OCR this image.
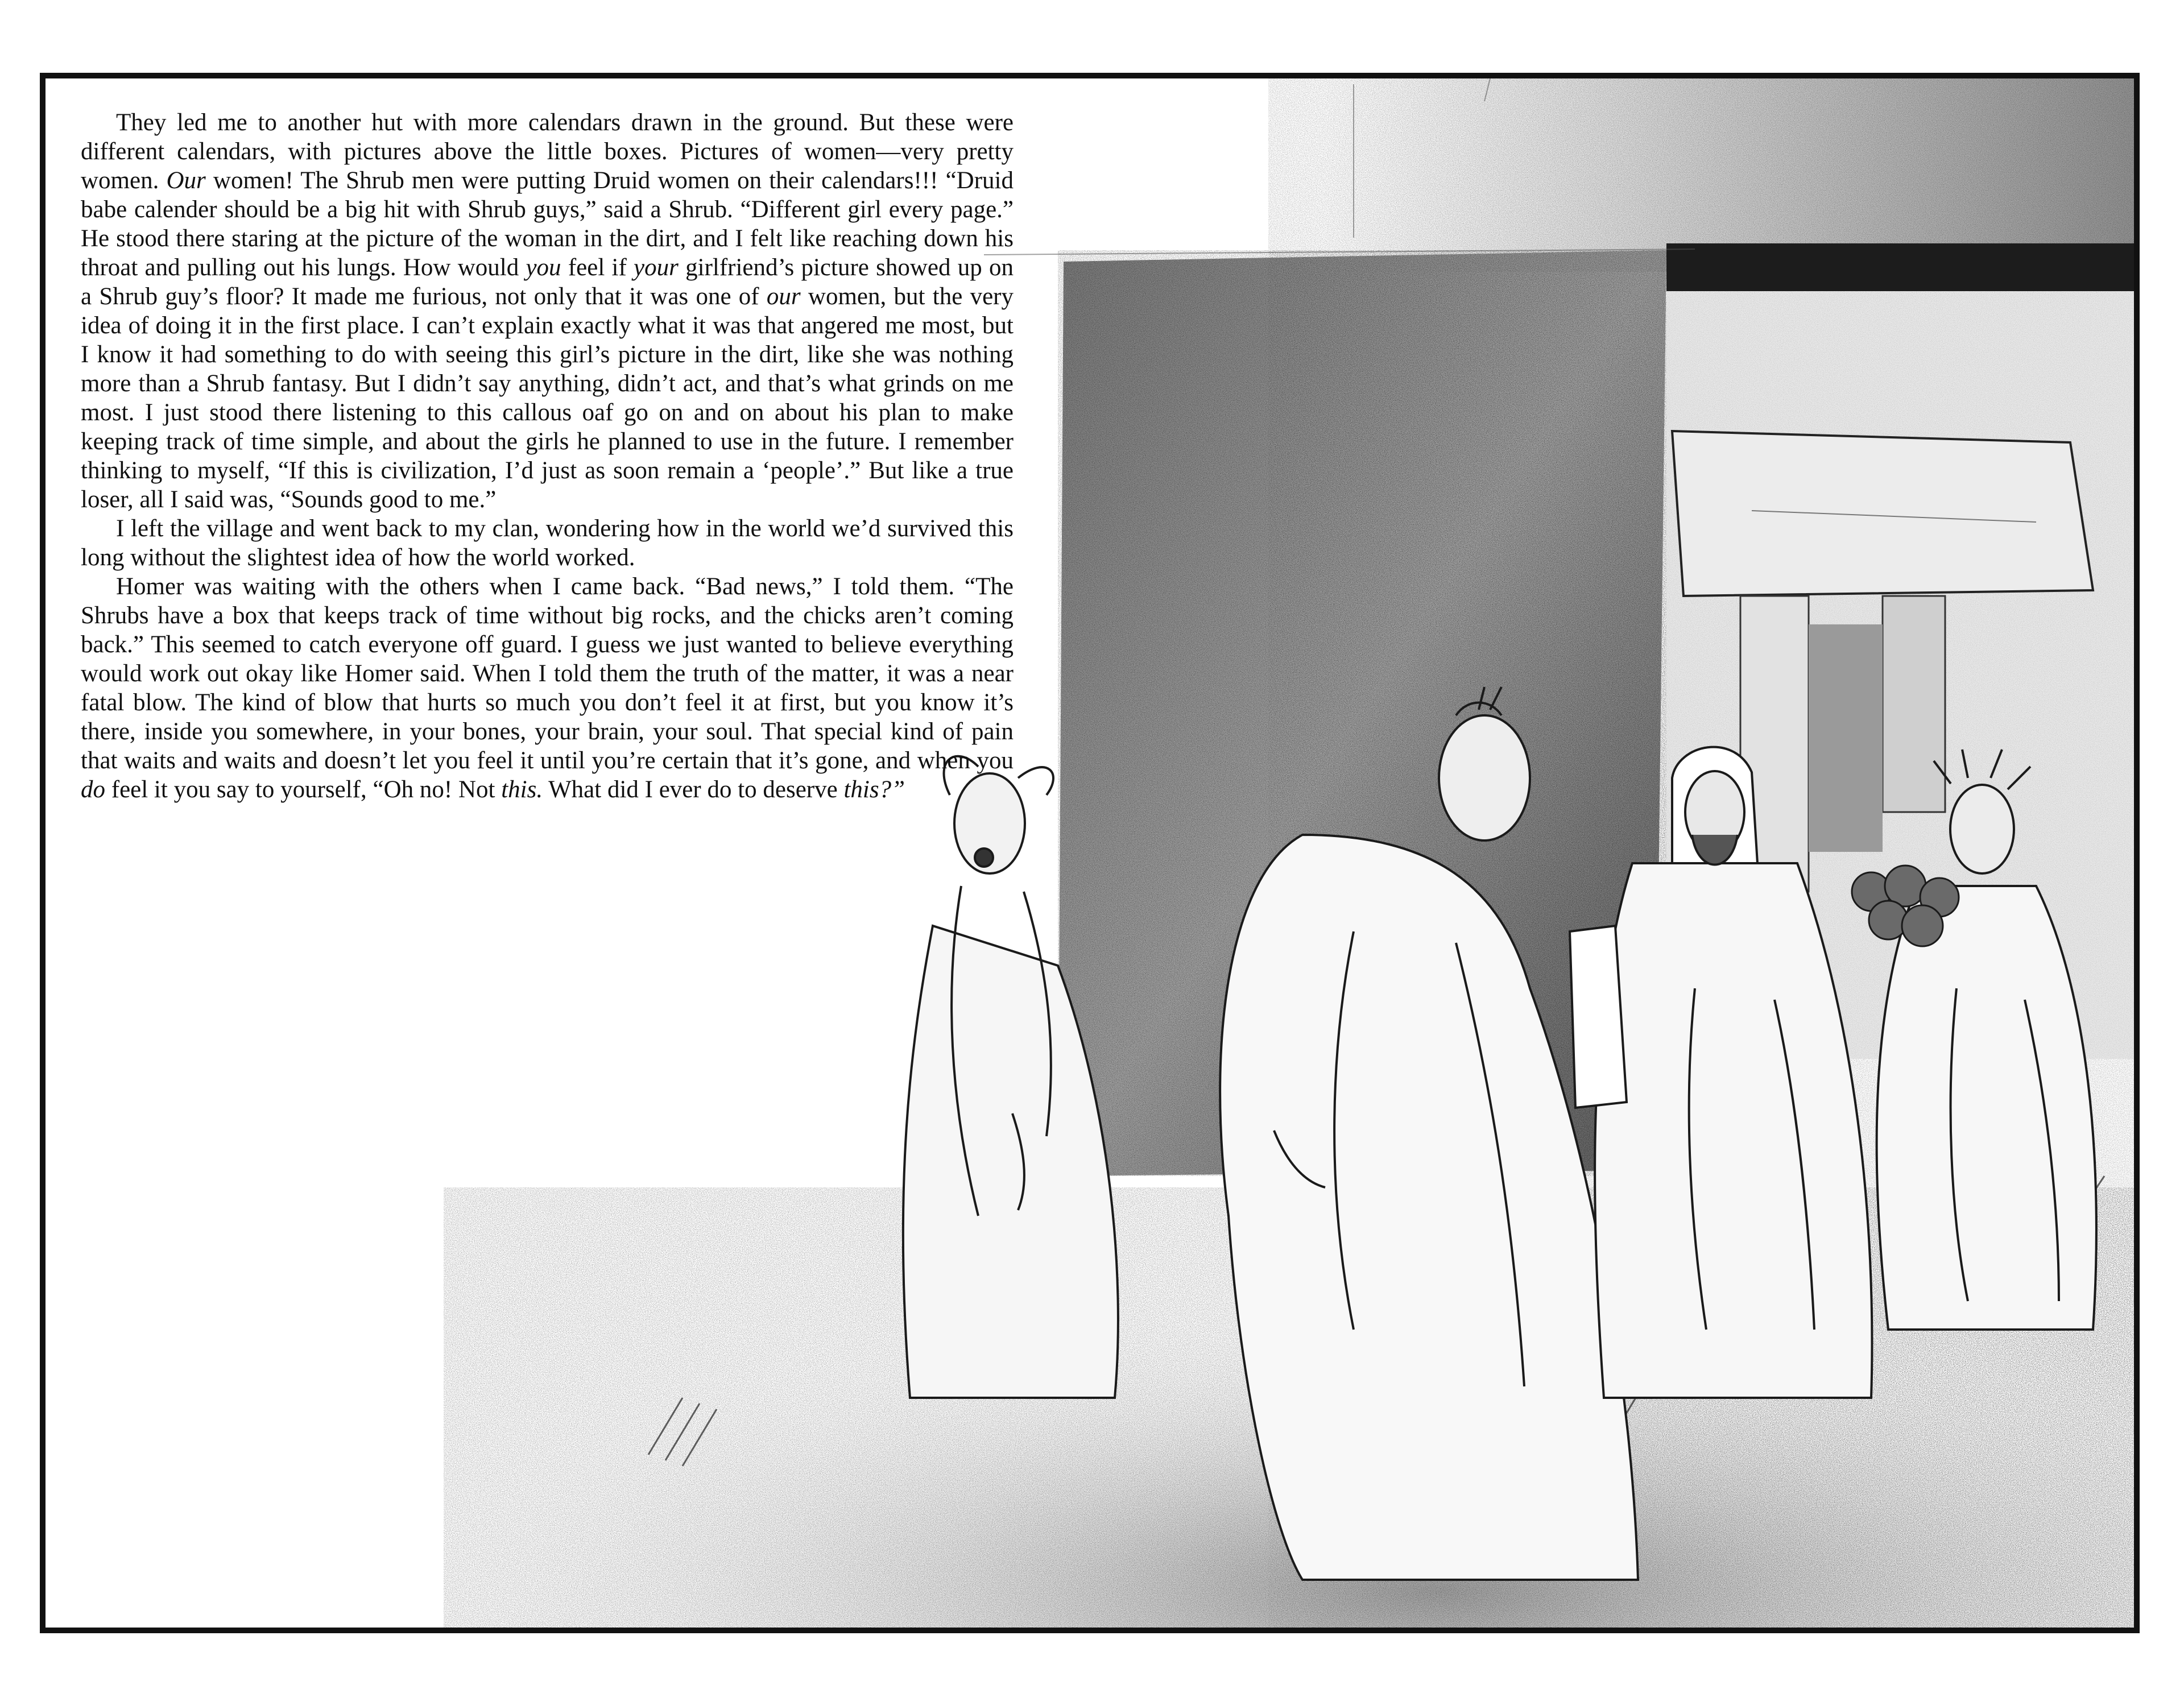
They led me to another hut with more calendars drawn in the ground. But these were different calendars, with pictures above the little boxes. Pictures of women—very pretty women. Our women! The Shrub men were putting Druid women on their calendars!!! “Druid babe calender should be a big hit with Shrub guys,” said a Shrub. “Different girl every page.” He stood there staring at the picture of the woman in the dirt, and I felt like reaching down his throat and pulling out his lungs. How would you feel if your girlfriend’s picture showed up on a Shrub guy’s floor? It made me furious, not only that it was one of our women, but the very idea of doing it in the first place. I can’t explain exactly what it was that angered me most, but I know it had something to do with seeing this girl’s picture in the dirt, like she was nothing more than a Shrub fantasy. But I didn’t say anything, didn’t act, and that’s what grinds on me most. I just stood there listening to this callous oaf go on and on about his plan to make keeping track of time simple, and about the girls he planned to use in the future. I remember thinking to myself, “If this is civilization, I’d just as soon remain a ‘people’.” But like a true loser, all I said was, “Sounds good to me.”

I left the village and went back to my clan, wondering how in the world we’d survived this long without the slightest idea of how the world worked.

Homer was waiting with the others when I came back. “Bad news,” I told them. “The Shrubs have a box that keeps track of time without big rocks, and the chicks aren’t coming back.” This seemed to catch everyone off guard. I guess we just wanted to believe everything would work out okay like Homer said. When I told them the truth of the matter, it was a near fatal blow. The kind of blow that hurts so much you don’t feel it at first, but you know it’s there, inside you somewhere, in your bones, your brain, your soul. That special kind of pain that waits and waits and doesn’t let you feel it until you’re certain that it’s gone, and when you do feel it you say to yourself, “Oh no! Not this. What did I ever do to deserve this?”
